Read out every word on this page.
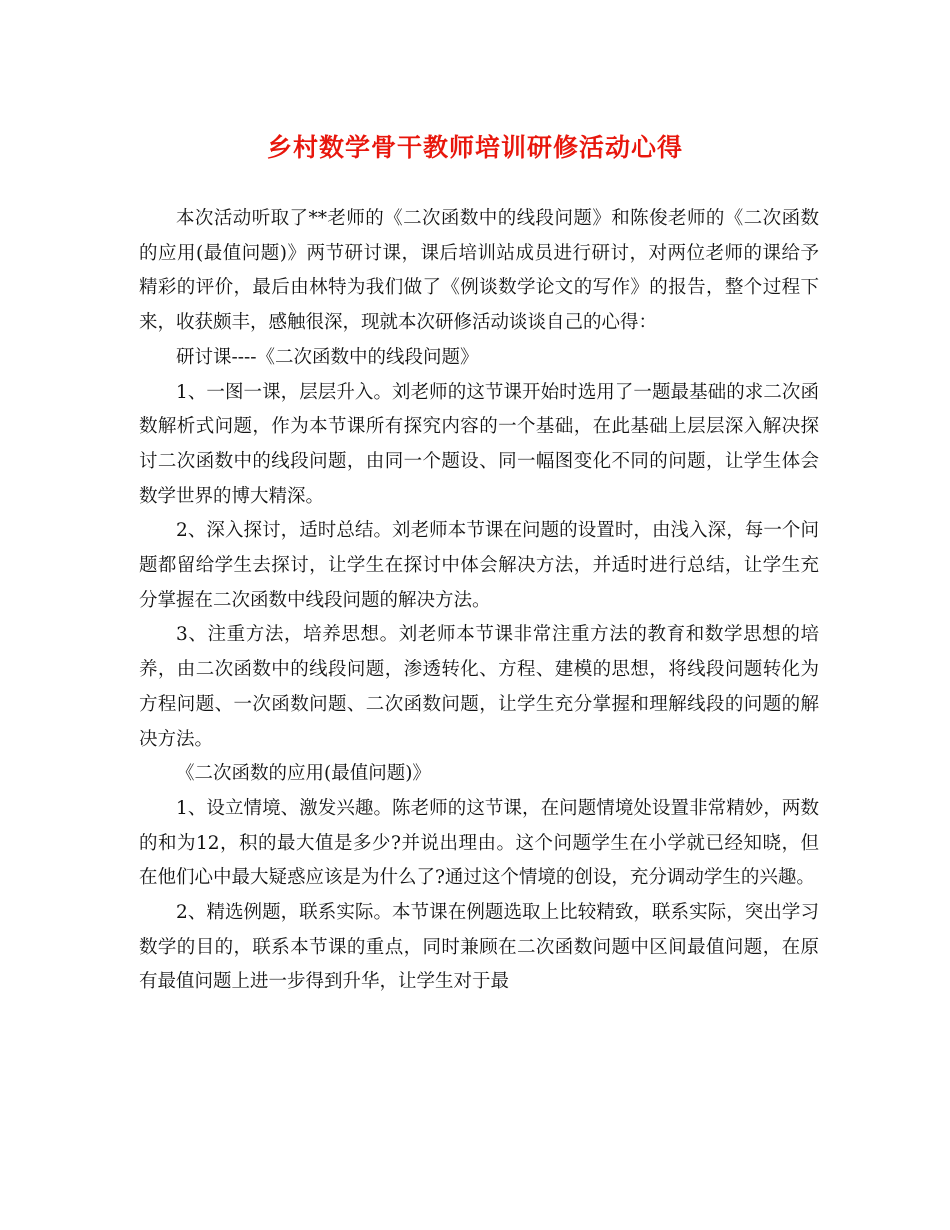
乡村数学骨干教师培训研修活动心得

本次活动听取了**老师的《二次函数中的线段问题》和陈俊老师的《二次函数的应用(最值问题)》两节研讨课，课后培训站成员进行研讨，对两位老师的课给予精彩的评价，最后由林特为我们做了《例谈数学论文的写作》的报告，整个过程下来，收获颇丰，感触很深，现就本次研修活动谈谈自己的心得：

研讨课----《二次函数中的线段问题》

1、一图一课，层层升入。刘老师的这节课开始时选用了一题最基础的求二次函数解析式问题，作为本节课所有探究内容的一个基础，在此基础上层层深入解决探讨二次函数中的线段问题，由同一个题设、同一幅图变化不同的问题，让学生体会数学世界的博大精深。

2、深入探讨，适时总结。刘老师本节课在问题的设置时，由浅入深，每一个问题都留给学生去探讨，让学生在探讨中体会解决方法，并适时进行总结，让学生充分掌握在二次函数中线段问题的解决方法。

3、注重方法，培养思想。刘老师本节课非常注重方法的教育和数学思想的培养，由二次函数中的线段问题，渗透转化、方程、建模的思想，将线段问题转化为方程问题、一次函数问题、二次函数问题，让学生充分掌握和理解线段的问题的解决方法。

《二次函数的应用(最值问题)》

1、设立情境、激发兴趣。陈老师的这节课，在问题情境处设置非常精妙，两数的和为12，积的最大值是多少?并说出理由。这个问题学生在小学就已经知晓，但在他们心中最大疑惑应该是为什么了?通过这个情境的创设，充分调动学生的兴趣。

2、精选例题，联系实际。本节课在例题选取上比较精致，联系实际，突出学习数学的目的，联系本节课的重点，同时兼顾在二次函数问题中区间最值问题，在原有最值问题上进一步得到升华，让学生对于最
